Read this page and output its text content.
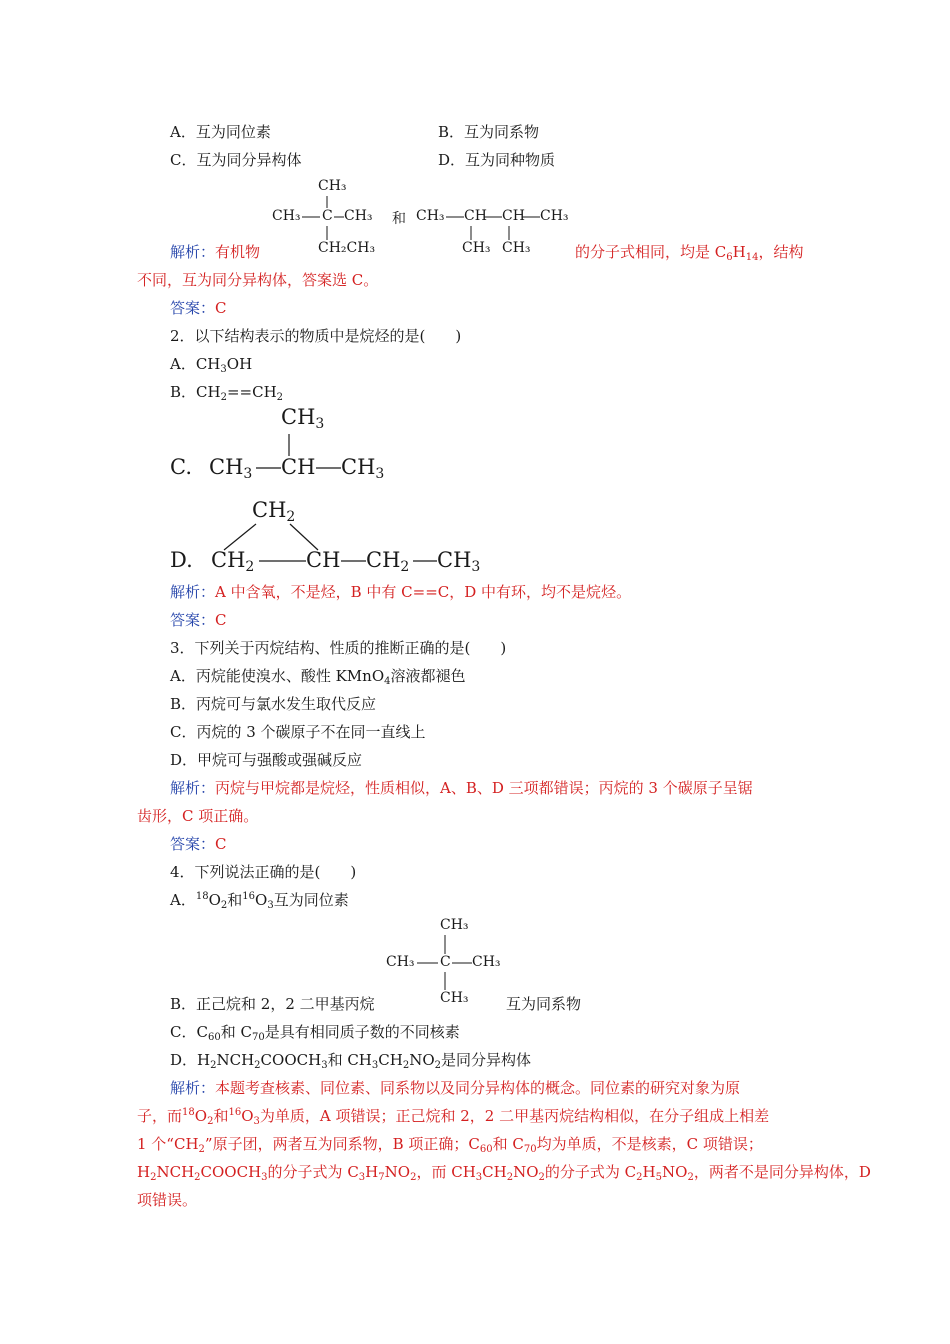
A．互为同位素	B．互为同系物
C．互为同分异构体	D．互为同种物质
CH₃
CH₃ C CH₃
CH₂CH₃
和 CH₃ CH CH CH₃
CH₃ CH₃
解析：有机物	的分子式相同，均是 $C_6H_{14}$，结构
不同，互为同分异构体，答案选 C。
答案：C
2．以下结构表示的物质中是烷烃的是(　　)
A．$CH_3OH$
B．$CH_2==CH_2$
C.
$CH_3$
$CH_3$ CH $CH_3$
D.
$CH_2$
$CH_2$ CH $CH_2$ $CH_3$
解析：A 中含氧，不是烃，B 中有 C==C，D 中有环，均不是烷烃。
答案：C
3．下列关于丙烷结构、性质的推断正确的是(　　)
A．丙烷能使溴水、酸性 KMnO$_4$溶液都褪色
B．丙烷可与氯水发生取代反应
C．丙烷的 3 个碳原子不在同一直线上
D．甲烷可与强酸或强碱反应
解析：丙烷与甲烷都是烷烃，性质相似，A、B、D 三项都错误；丙烷的 3 个碳原子呈锯
齿形，C 项正确。
答案：C
4．下列说法正确的是(　　)
A．$^{18}O_2$和$^{16}O_3$互为同位素
CH₃
CH₃ C CH₃
CH₃
B．正己烷和 2，2 二甲基丙烷	互为同系物
C．$C_{60}$和 $C_{70}$是具有相同质子数的不同核素
D．$H_2NCH_2COOCH_3$和 $CH_3CH_2NO_2$是同分异构体
解析：本题考查核素、同位素、同系物以及同分异构体的概念。同位素的研究对象为原
子，而$^{18}O_2$和$^{16}O_3$为单质，A 项错误；正己烷和 2，2 二甲基丙烷结构相似，在分子组成上相差
1 个“$CH_2$”原子团，两者互为同系物，B 项正确；$C_{60}$和 $C_{70}$均为单质，不是核素，C 项错误；
$H_2NCH_2COOCH_3$的分子式为 $C_3H_7NO_2$，而 $CH_3CH_2NO_2$的分子式为 $C_2H_5NO_2$，两者不是同分异构体，D
项错误。
